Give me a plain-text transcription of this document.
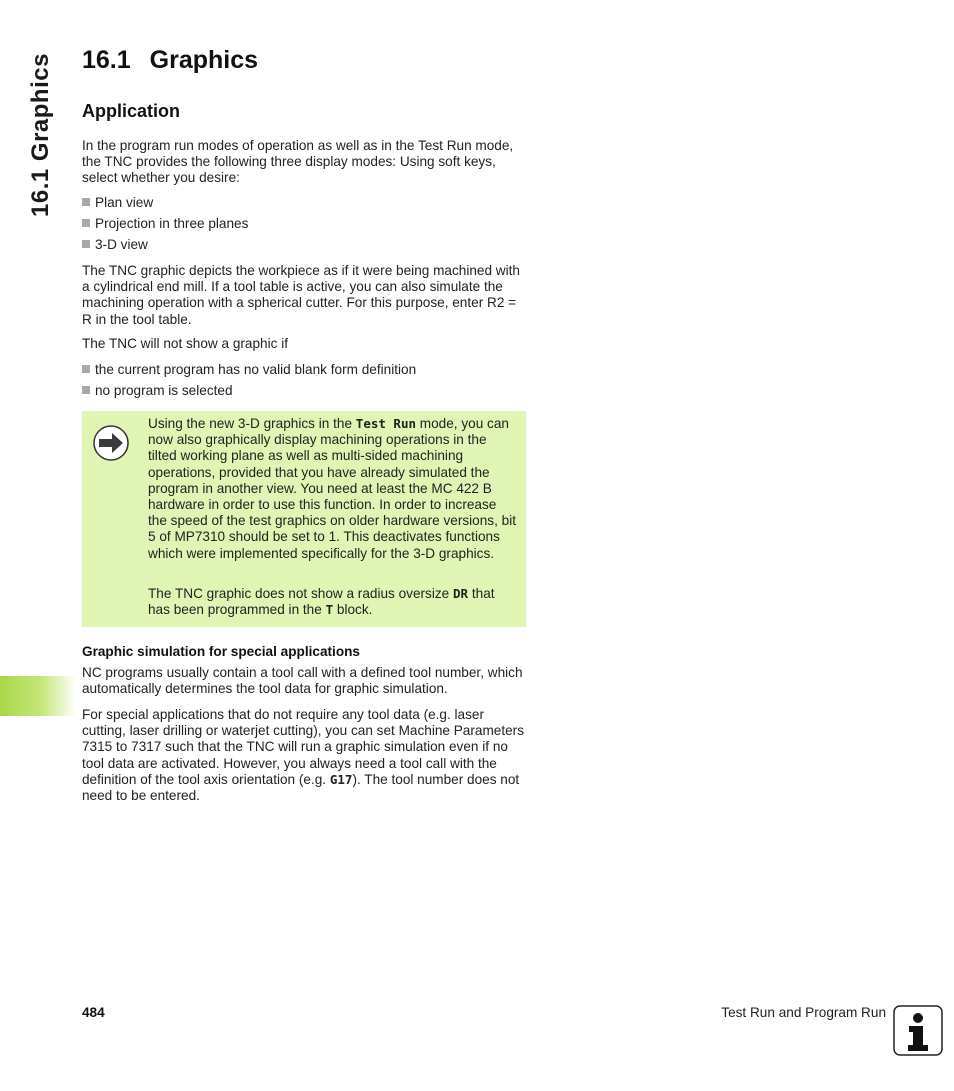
16.1 Graphics 16.1 Graphics
Application
In the program run modes of operation as well as in the Test Run mode, the TNC provides the following three display modes: Using soft keys, select whether you desire:
Plan view
Projection in three planes
3-D view
The TNC graphic depicts the workpiece as if it were being machined with a cylindrical end mill. If a tool table is active, you can also simulate the machining operation with a spherical cutter. For this purpose, enter R2 = R in the tool table.
The TNC will not show a graphic if
the current program has no valid blank form definition
no program is selected
Using the new 3-D graphics in the Test Run mode, you can now also graphically display machining operations in the tilted working plane as well as multi-sided machining operations, provided that you have already simulated the program in another view. You need at least the MC 422 B hardware in order to use this function. In order to increase the speed of the test graphics on older hardware versions, bit 5 of MP7310 should be set to 1. This deactivates functions which were implemented specifically for the 3-D graphics.
The TNC graphic does not show a radius oversize DR that has been programmed in the T block.
Graphic simulation for special applications
NC programs usually contain a tool call with a defined tool number, which automatically determines the tool data for graphic simulation.
For special applications that do not require any tool data (e.g. laser cutting, laser drilling or waterjet cutting), you can set Machine Parameters 7315 to 7317 such that the TNC will run a graphic simulation even if no tool data are activated. However, you always need a tool call with the definition of the tool axis orientation (e.g. G17). The tool number does not need to be entered.
484	Test Run and Program Run
